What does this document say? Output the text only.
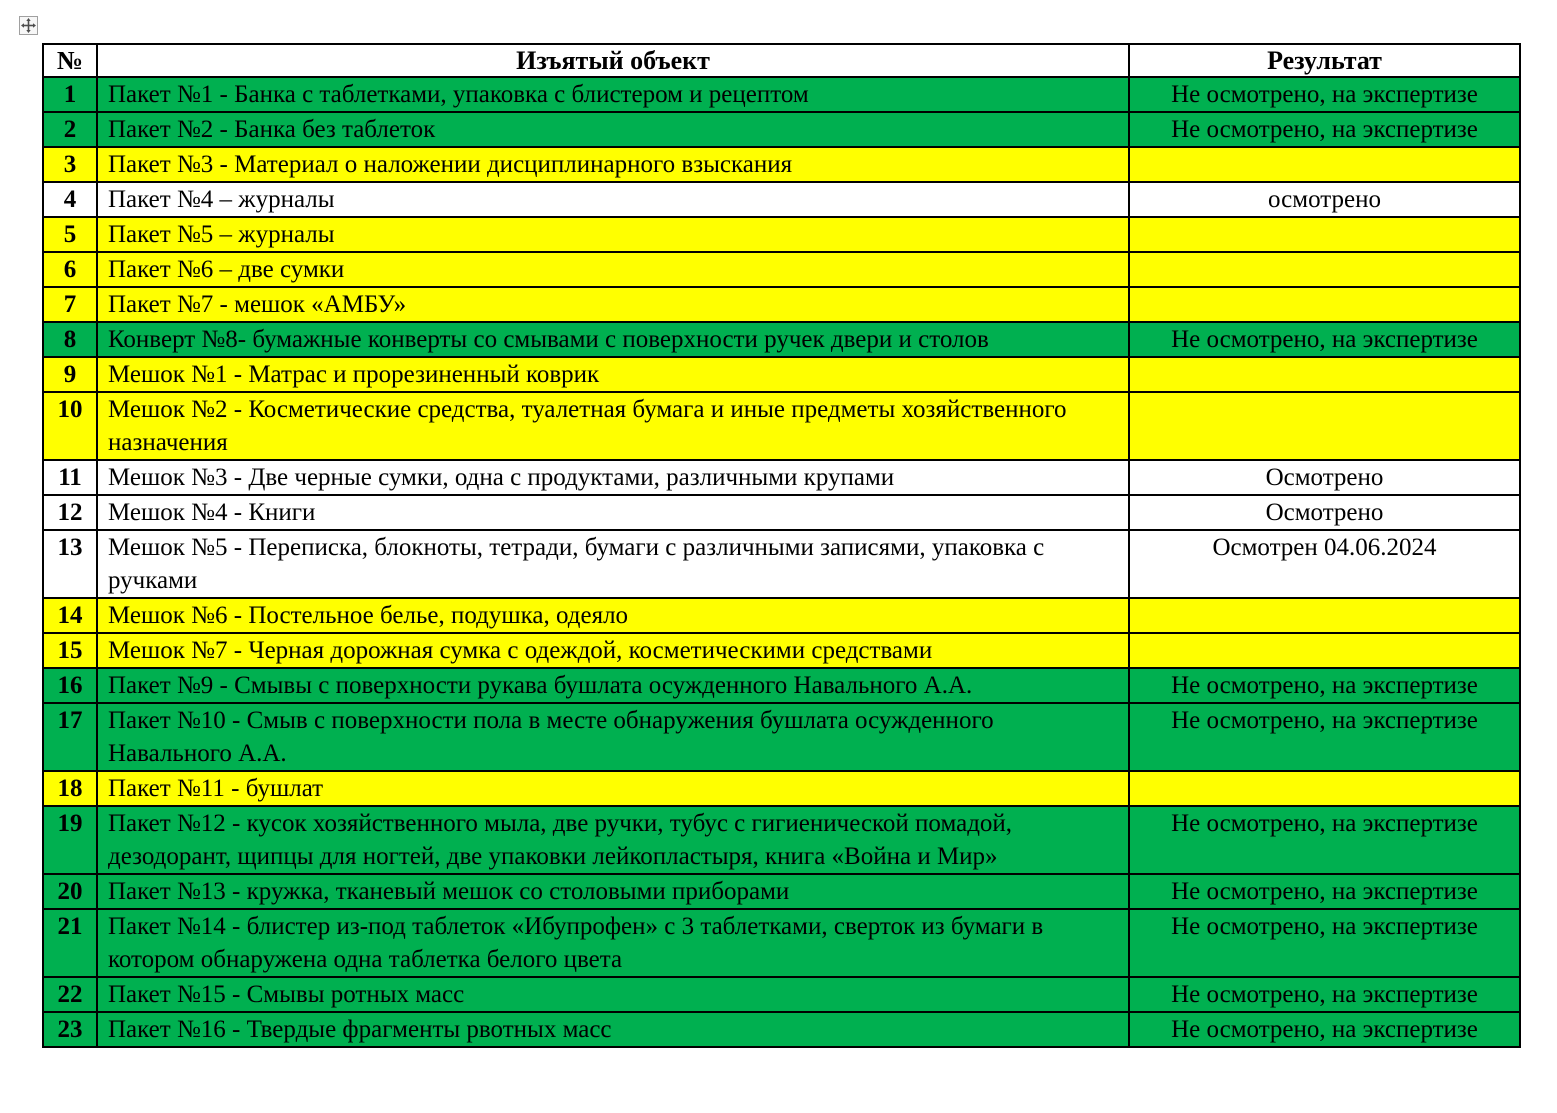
№	Изъятый объект	Результат
1	Пакет №1 - Банка с таблетками, упаковка с блистером и рецептом	Не осмотрено, на экспертизе
2	Пакет №2 - Банка без таблеток	Не осмотрено, на экспертизе
3	Пакет №3 - Материал о наложении дисциплинарного взыскания	
4	Пакет №4 – журналы	осмотрено
5	Пакет №5 – журналы	
6	Пакет №6 – две сумки	
7	Пакет №7 - мешок «АМБУ»	
8	Конверт №8- бумажные конверты со смывами с поверхности ручек двери и столов	Не осмотрено, на экспертизе
9	Мешок №1 - Матрас и прорезиненный коврик	
10	Мешок №2 - Косметические средства, туалетная бумага и иные предметы хозяйственного назначения	
11	Мешок №3 - Две черные сумки, одна с продуктами, различными крупами	Осмотрено
12	Мешок №4 - Книги	Осмотрено
13	Мешок №5 - Переписка, блокноты, тетради, бумаги с различными записями, упаковка с ручками	Осмотрен 04.06.2024
14	Мешок №6 - Постельное белье, подушка, одеяло	
15	Мешок №7 - Черная дорожная сумка с одеждой, косметическими средствами	
16	Пакет №9 - Смывы с поверхности рукава бушлата осужденного Навального А.А.	Не осмотрено, на экспертизе
17	Пакет №10 - Смыв с поверхности пола в месте обнаружения бушлата осужденного Навального А.А.	Не осмотрено, на экспертизе
18	Пакет №11 - бушлат	
19	Пакет №12 - кусок хозяйственного мыла, две ручки, тубус с гигиенической помадой, дезодорант, щипцы для ногтей, две упаковки лейкопластыря, книга «Война и Мир»	Не осмотрено, на экспертизе
20	Пакет №13 - кружка, тканевый мешок со столовыми приборами	Не осмотрено, на экспертизе
21	Пакет №14 - блистер из-под таблеток «Ибупрофен» с 3 таблетками, сверток из бумаги в котором обнаружена одна таблетка белого цвета	Не осмотрено, на экспертизе
22	Пакет №15 - Смывы ротных масс	Не осмотрено, на экспертизе
23	Пакет №16 - Твердые фрагменты рвотных масс	Не осмотрено, на экспертизе
